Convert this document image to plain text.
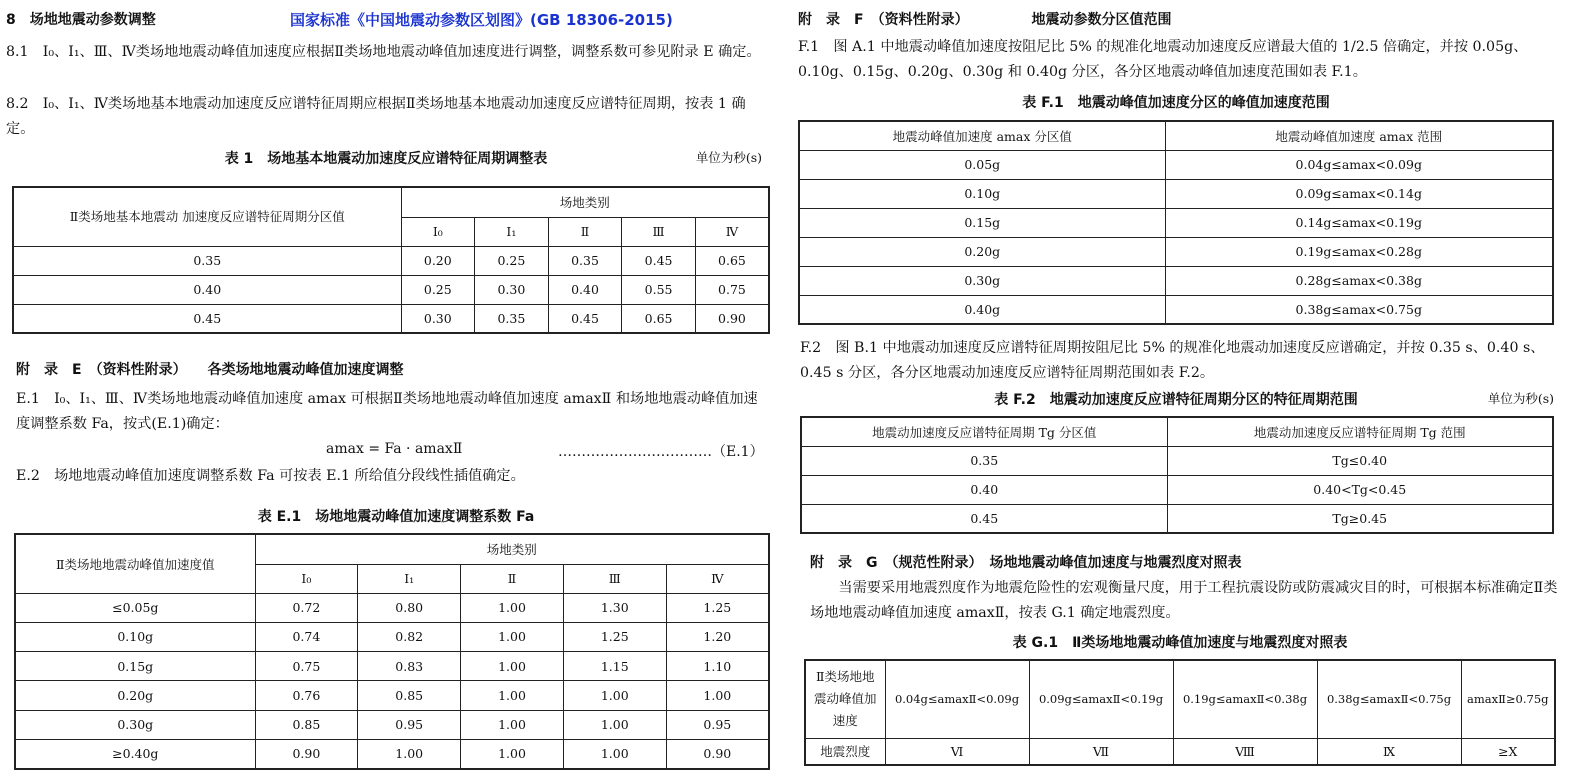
8　场地地震动参数调整	国家标准《中国地震动参数区划图》(GB 18306-2015)

8.1　Ⅰ₀、Ⅰ₁、Ⅲ、Ⅳ类场地地震动峰值加速度应根据Ⅱ类场地地震动峰值加速度进行调整，调整系数可参见附录 E 确定。

8.2　Ⅰ₀、Ⅰ₁、Ⅳ类场地基本地震动加速度反应谱特征周期应根据Ⅱ类场地基本地震动加速度反应谱特征周期，按表 1 确定。

表 1　场地基本地震动加速度反应谱特征周期调整表	单位为秒(s)
Ⅱ类场地基本地震动 加速度反应谱特征周期分区值	场地类别				
	Ⅰ₀	Ⅰ₁	Ⅱ	Ⅲ	Ⅳ
0.35	0.20	0.25	0.35	0.45	0.65
0.40	0.25	0.30	0.40	0.55	0.75
0.45	0.30	0.35	0.45	0.65	0.90
附　录　E　（资料性附录）　　各类场地地震动峰值加速度调整

E.1　Ⅰ₀、Ⅰ₁、Ⅲ、Ⅳ类场地地震动峰值加速度 amax 可根据Ⅱ类场地地震动峰值加速度 amaxⅡ 和场地地震动峰值加速度调整系数 Fa，按式(E.1)确定：

amax = Fa · amaxⅡ	……………………………（E.1）

E.2　场地地震动峰值加速度调整系数 Fa 可按表 E.1 所给值分段线性插值确定。

表 E.1　场地地震动峰值加速度调整系数 Fa
Ⅱ类场地地震动峰值加速度值	场地类别				
	Ⅰ₀	Ⅰ₁	Ⅱ	Ⅲ	Ⅳ
≤0.05g	0.72	0.80	1.00	1.30	1.25
0.10g	0.74	0.82	1.00	1.25	1.20
0.15g	0.75	0.83	1.00	1.15	1.10
0.20g	0.76	0.85	1.00	1.00	1.00
0.30g	0.85	0.95	1.00	1.00	0.95
≥0.40g	0.90	1.00	1.00	1.00	0.90
附　录　F　（资料性附录）　　　　　地震动参数分区值范围

F.1　图 A.1 中地震动峰值加速度按阻尼比 5% 的规准化地震动加速度反应谱最大值的 1/2.5 倍确定，并按 0.05g、0.10g、0.15g、0.20g、0.30g 和 0.40g 分区，各分区地震动峰值加速度范围如表 F.1。

表 F.1　地震动峰值加速度分区的峰值加速度范围
地震动峰值加速度 amax 分区值	地震动峰值加速度 amax 范围
0.05g	0.04g≤amax<0.09g
0.10g	0.09g≤amax<0.14g
0.15g	0.14g≤amax<0.19g
0.20g	0.19g≤amax<0.28g
0.30g	0.28g≤amax<0.38g
0.40g	0.38g≤amax<0.75g

F.2　图 B.1 中地震动加速度反应谱特征周期按阻尼比 5% 的规准化地震动加速度反应谱确定，并按 0.35 s、0.40 s、0.45 s 分区，各分区地震动加速度反应谱特征周期范围如表 F.2。

表 F.2　地震动加速度反应谱特征周期分区的特征周期范围	单位为秒(s)
地震动加速度反应谱特征周期 Tg 分区值	地震动加速度反应谱特征周期 Tg 范围
0.35	Tg≤0.40
0.40	0.40<Tg<0.45
0.45	Tg≥0.45
附　录　G　（规范性附录）　场地地震动峰值加速度与地震烈度对照表

当需要采用地震烈度作为地震危险性的宏观衡量尺度，用于工程抗震设防或防震减灾目的时，可根据本标准确定Ⅱ类场地地震动峰值加速度 amaxⅡ，按表 G.1 确定地震烈度。

表 G.1　Ⅱ类场地地震动峰值加速度与地震烈度对照表
Ⅱ类场地地震动峰值加速度	0.04g≤amaxⅡ<0.09g	0.09g≤amaxⅡ<0.19g	0.19g≤amaxⅡ<0.38g	0.38g≤amaxⅡ<0.75g	amaxⅡ≥0.75g
地震烈度	Ⅵ	Ⅶ	Ⅷ	Ⅸ	≥Ⅹ
